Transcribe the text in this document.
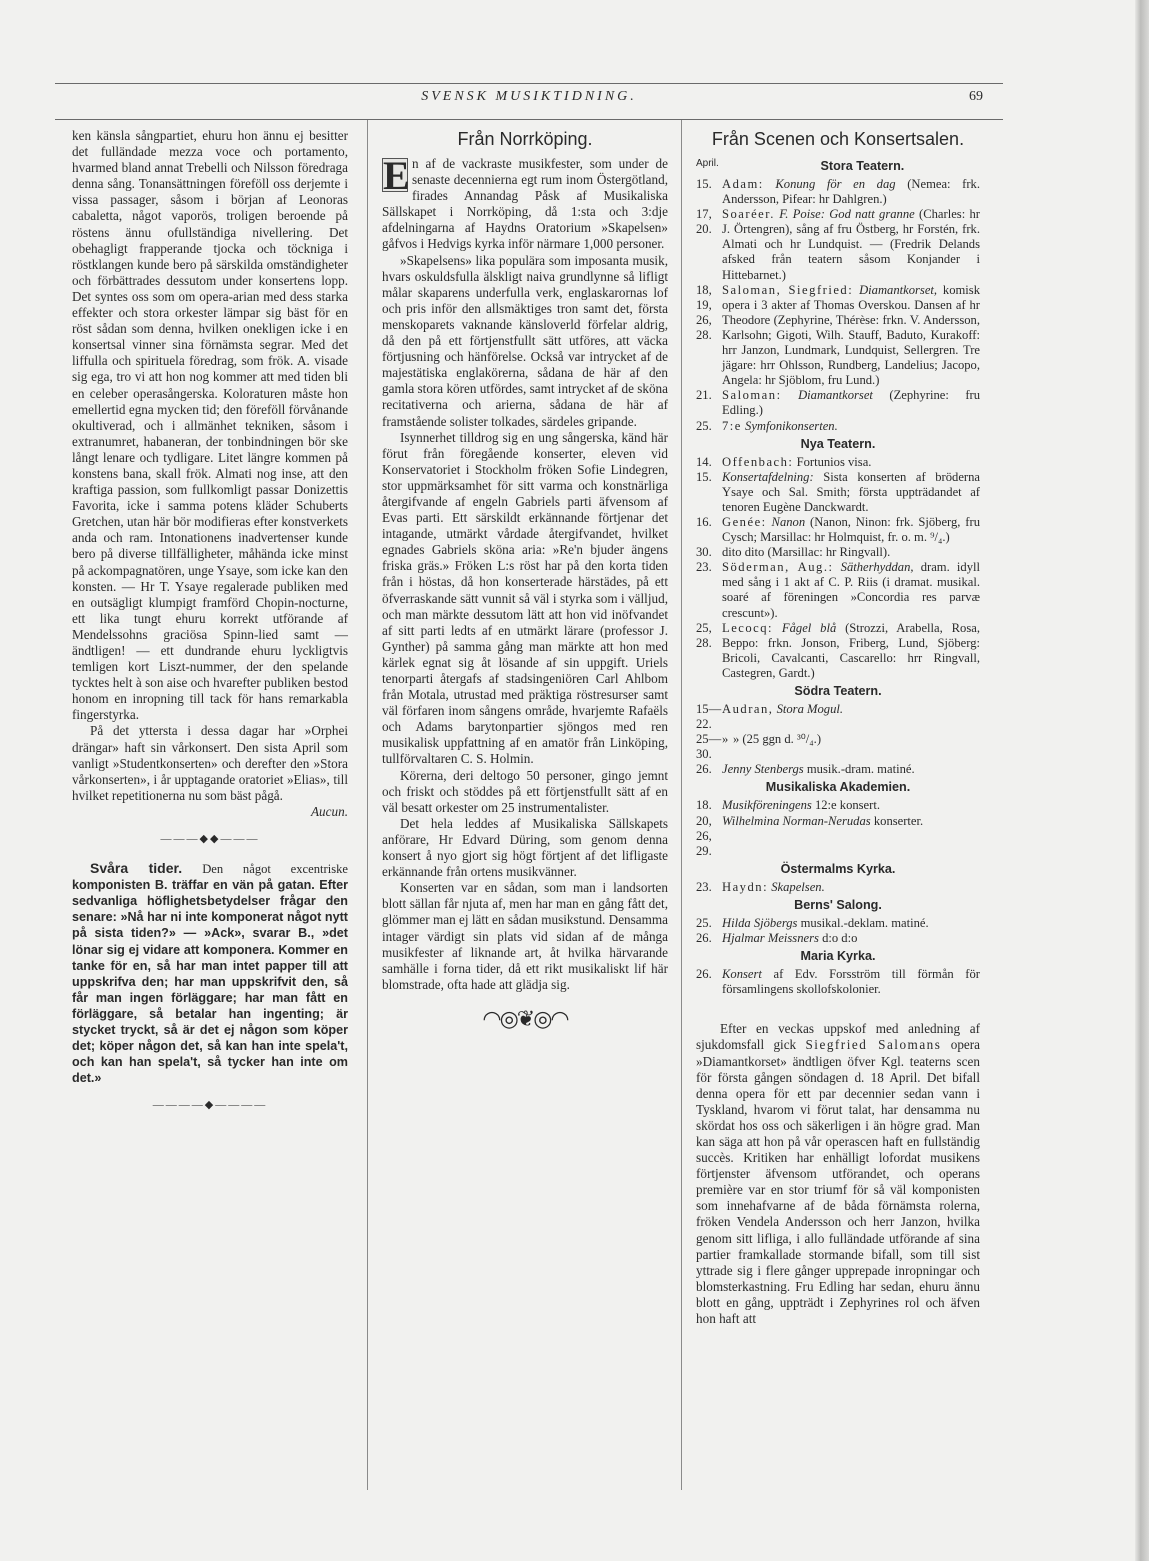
SVENSK MUSIKTIDNING.	69

ken känsla sångpartiet, ehuru hon ännu ej besitter det fulländade mezza voce och portamento, hvarmed bland annat Trebelli och Nilsson föredraga denna sång. Tonansättningen föreföll oss derjemte i vissa passager, såsom i början af Leonoras cabaletta, något vaporös, troligen beroende på röstens ännu ofullständiga nivellering. Det obehagligt frapperande tjocka och töckniga i röstklangen kunde bero på särskilda omständigheter och förbättrades dessutom under konsertens lopp. Det syntes oss som om opera-arian med dess starka effekter och stora orkester lämpar sig bäst för en röst sådan som denna, hvilken onekligen icke i en konsertsal vinner sina förnämsta segrar. Med det liffulla och spirituela föredrag, som frök. A. visade sig ega, tro vi att hon nog kommer att med tiden bli en celeber operasångerska. Koloraturen måste hon emellertid egna mycken tid; den föreföll förvånande okultiverad, och i allmänhet tekniken, såsom i extranumret, habaneran, der tonbindningen bör ske långt lenare och tydligare. Litet längre kommen på konstens bana, skall frök. Almati nog inse, att den kraftiga passion, som fullkomligt passar Donizettis Favorita, icke i samma potens kläder Schuberts Gretchen, utan här bör modifieras efter konstverkets anda och ram. Intonationens inadvertenser kunde bero på diverse tillfälligheter, måhända icke minst på ackompagnatören, unge Ysaye, som icke kan den konsten. — Hr T. Ysaye regalerade publiken med en outsägligt klumpigt framförd Chopin-nocturne, ett lika tungt ehuru korrekt utförande af Mendelssohns graciösa Spinn-lied samt — ändtligen! — ett dundrande ehuru lyckligtvis temligen kort Liszt-nummer, der den spelande tycktes helt à son aise och hvarefter publiken bestod honom en inropning till tack för hans remarkabla fingerstyrka.

På det yttersta i dessa dagar har »Orphei drängar» haft sin vårkonsert. Den sista April som vanligt »Studentkonserten» och derefter den »Stora vårkonserten», i år upptagande oratoriet »Elias», till hvilket repetitionerna nu som bäst pågå.

Aucun.
———◆◆———

Svåra tider. Den något excentriske komponisten B. träffar en vän på gatan. Efter sedvanliga höflighetsbetydelser frågar den senare: »Nå har ni inte komponerat något nytt på sista tiden?» — »Ack», svarar B., »det lönar sig ej vidare att komponera. Kommer en tanke för en, så har man intet papper till att uppskrifva den; har man uppskrifvit den, så får man ingen förläggare; har man fått en förläggare, så betalar han ingenting; är stycket tryckt, så är det ej någon som köper det; köper någon det, så kan han inte spela't, och kan han spela't, så tycker han inte om det.»

————◆————
Från Norrköping.

E n af de vackraste musikfester, som under de senaste decennierna egt rum inom Östergötland, firades Annandag Påsk af Musikaliska Sällskapet i Norrköping, då 1:sta och 3:dje afdelningarna af Haydns Oratorium »Skapelsen» gåfvos i Hedvigs kyrka inför närmare 1,000 personer.

»Skapelsens» lika populära som imposanta musik, hvars oskuldsfulla älskligt naiva grundlynne så lifligt målar skaparens underfulla verk, englaskarornas lof och pris inför den allsmäktiges tron samt det, första menskoparets vaknande känsloverld förfelar aldrig, då den på ett förtjenstfullt sätt utföres, att väcka förtjusning och hänförelse. Också var intrycket af de majestätiska englakörerna, sådana de här af den gamla stora kören utfördes, samt intrycket af de sköna recitativerna och arierna, sådana de här af framstående solister tolkades, särdeles gripande.

Isynnerhet tilldrog sig en ung sångerska, känd här förut från föregående konserter, eleven vid Konservatoriet i Stockholm fröken Sofie Lindegren, stor uppmärksamhet för sitt varma och konstnärliga återgifvande af engeln Gabriels parti äfvensom af Evas parti. Ett särskildt erkännande förtjenar det intagande, utmärkt vårdade återgifvandet, hvilket egnades Gabriels sköna aria: »Re'n bjuder ängens friska gräs.» Fröken L:s röst har på den korta tiden från i höstas, då hon konserterade härstädes, på ett öfverraskande sätt vunnit så väl i styrka som i välljud, och man märkte dessutom lätt att hon vid inöfvandet af sitt parti ledts af en utmärkt lärare (professor J. Gynther) på samma gång man märkte att hon med kärlek egnat sig åt lösande af sin uppgift. Uriels tenorparti återgafs af stadsingeniören Carl Ahlbom från Motala, utrustad med präktiga röstresurser samt väl förfaren inom sångens område, hvarjemte Rafaëls och Adams barytonpartier sjöngos med ren musikalisk uppfattning af en amatör från Linköping, tullförvaltaren C. S. Holmin.

Körerna, deri deltogo 50 personer, gingo jemnt och friskt och stöddes på ett förtjenstfullt sätt af en väl besatt orkester om 25 instrumentalister.

Det hela leddes af Musikaliska Sällskapets anförare, Hr Edvard Düring, som genom denna konsert å nyo gjort sig högt förtjent af det lifligaste erkännande från ortens musikvänner.

Konserten var en sådan, som man i landsorten blott sällan får njuta af, men har man en gång fått det, glömmer man ej lätt en sådan musikstund. Densamma intager värdigt sin plats vid sidan af de många musikfester af liknande art, åt hvilka härvarande samhälle i forna tider, då ett rikt musikaliskt lif här blomstrade, ofta hade att glädja sig.

◠◎❦◎◠
Från Scenen och Konsertsalen.
April.	Stora Teatern.
15. Adam: Konung för en dag (Nemea: frk. Andersson, Pifear: hr Dahlgren.)
17, 20.
Soaréer. F. Poise: God natt granne (Charles: hr J. Örtengren), sång af fru Östberg, hr Forstén, frk. Almati och hr Lundquist. — (Fredrik Delands afsked från teatern såsom Konjander i Hittebarnet.)
18, 19, 26, 28.
Saloman, Siegfried: Diamantkorset, komisk opera i 3 akter af Thomas Overskou. Dansen af hr Theodore (Zephyrine, Thérèse: frkn. V. Andersson, Karlsohn; Gigoti, Wilh. Stauff, Baduto, Kurakoff: hrr Janzon, Lundmark, Lundquist, Sellergren. Tre jägare: hrr Ohlsson, Rundberg, Landelius; Jacopo, Angela: hr Sjöblom, fru Lund.)
21. Saloman: Diamantkorset (Zephyrine: fru Edling.)
25. 7:e Symfonikonserten.
Nya Teatern.
14. Offenbach: Fortunios visa.
15. Konsertafdelning: Sista konserten af bröderna Ysaye och Sal. Smith; första uppträdandet af tenoren Eugène Danckwardt.
16. Genée: Nanon (Nanon, Ninon: frk. Sjöberg, fru Cysch; Marsillac: hr Holmquist, fr. o. m. ⁹/₄.)
30. dito dito (Marsillac: hr Ringvall).
23. Söderman, Aug.: Sätherhyddan, dram. idyll med sång i 1 akt af C. P. Riis (i dramat. musikal. soaré af föreningen »Concordia res parvæ crescunt»).
25, 28.
Lecocq: Fågel blå (Strozzi, Arabella, Rosa, Beppo: frkn. Jonson, Friberg, Lund, Sjöberg: Bricoli, Cavalcanti, Cascarello: hrr Ringvall, Castegren, Gardt.)
Södra Teatern.
15—22.
Audran, Stora Mogul.
25—30.
» » (25 ggn d. ³⁰/₄.)
26. Jenny Stenbergs musik.-dram. matiné.
Musikaliska Akademien.
18. Musikföreningens 12:e konsert.
20, 26, 29.
Wilhelmina Norman-Nerudas konserter.
Östermalms Kyrka.
23. Haydn: Skapelsen.
Berns' Salong.
25. Hilda Sjöbergs musikal.-deklam. matiné.
26. Hjalmar Meissners d:o d:o
Maria Kyrka.
26. Konsert af Edv. Forsström till förmån för församlingens skollofskolonier.

Efter en veckas uppskof med anledning af sjukdomsfall gick Siegfried Salomans opera »Diamantkorset» ändtligen öfver Kgl. teaterns scen för första gången söndagen d. 18 April. Det bifall denna opera för ett par decennier sedan vann i Tyskland, hvarom vi förut talat, har densamma nu skördat hos oss och säkerligen i än högre grad. Man kan säga att hon på vår operascen haft en fullständig succès. Kritiken har enhälligt lofordat musikens förtjenster äfvensom utförandet, och operans première var en stor triumf för så väl komponisten som innehafvarne af de båda förnämsta rolerna, fröken Vendela Andersson och herr Janzon, hvilka genom sitt lifliga, i allo fulländade utförande af sina partier framkallade stormande bifall, som till sist yttrade sig i flere gånger upprepade inropningar och blomsterkastning. Fru Edling har sedan, ehuru ännu blott en gång, uppträdt i Zephyrines rol och äfven hon haft att
